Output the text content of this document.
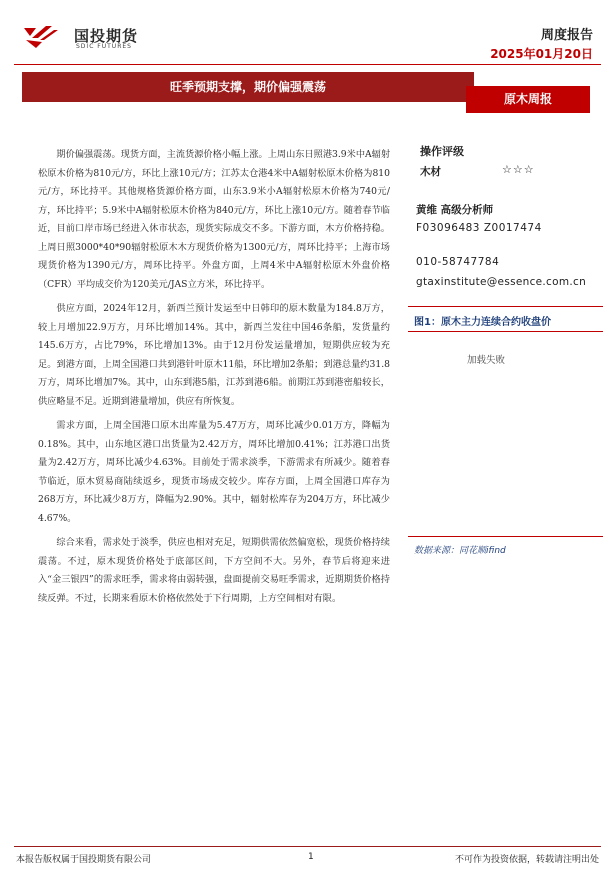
国投期货
SDIC FUTURES
周度报告
2025年01月20日
旺季预期支撑，期价偏强震荡
原木周报

期价偏强震荡。现货方面，主流货源价格小幅上涨。上周山东日照港3.9米中A辐射松原木价格为810元/方，环比上涨10元/方；江苏太仓港4米中A辐射松原木价格为810元/方，环比持平。其他规格货源价格方面，山东3.9米小A辐射松原木价格为740元/方，环比持平；5.9米中A辐射松原木价格为840元/方，环比上涨10元/方。随着春节临近，目前口岸市场已经进入休市状态，现货实际成交不多。下游方面，木方价格持稳。上周日照3000*40*90辐射松原木木方现货价格为1300元/方，周环比持平；上海市场现货价格为1390元/方，周环比持平。外盘方面，上周4米中A辐射松原木外盘价格（CFR）平均成交价为120美元/JAS立方米，环比持平。

供应方面，2024年12月，新西兰预计发运至中日韩印的原木数量为184.8万方，较上月增加22.9万方，月环比增加14%。其中，新西兰发往中国46条船，发货量约145.6万方，占比79%，环比增加13%。由于12月份发运量增加，短期供应较为充足。到港方面，上周全国港口共到港针叶原木11船，环比增加2条船；到港总量约31.8万方，周环比增加7%。其中，山东到港5船，江苏到港6船。前期江苏到港密船较长，供应略显不足。近期到港量增加，供应有所恢复。

需求方面，上周全国港口原木出库量为5.47万方，周环比减少0.01万方，降幅为0.18%。其中，山东地区港口出货量为2.42万方，周环比增加0.41%；江苏港口出货量为2.42万方，周环比减少4.63%。目前处于需求淡季，下游需求有所减少。随着春节临近，原木贸易商陆续返乡，现货市场成交较少。库存方面，上周全国港口库存为268万方，环比减少8万方，降幅为2.90%。其中，辐射松库存为204万方，环比减少4.67%。

综合来看，需求处于淡季，供应也相对充足，短期供需依然偏宽松，现货价格持续震荡。不过，原木现货价格处于底部区间，下方空间不大。另外，春节后将迎来进入“金三银四”的需求旺季，需求将由弱转强，盘面提前交易旺季需求，近期期货价格持续反弹。不过，长期来看原木价格依然处于下行周期，上方空间相对有限。

操作评级
木材	☆☆☆
黄维 高级分析师
F03096483 Z0017474
010-58747784
gtaxinstitute@essence.com.cn
图1：原木主力连续合约收盘价
加载失败
数据来源：同花顺ifind
本报告版权属于国投期货有限公司	1	不可作为投资依据，转载请注明出处
